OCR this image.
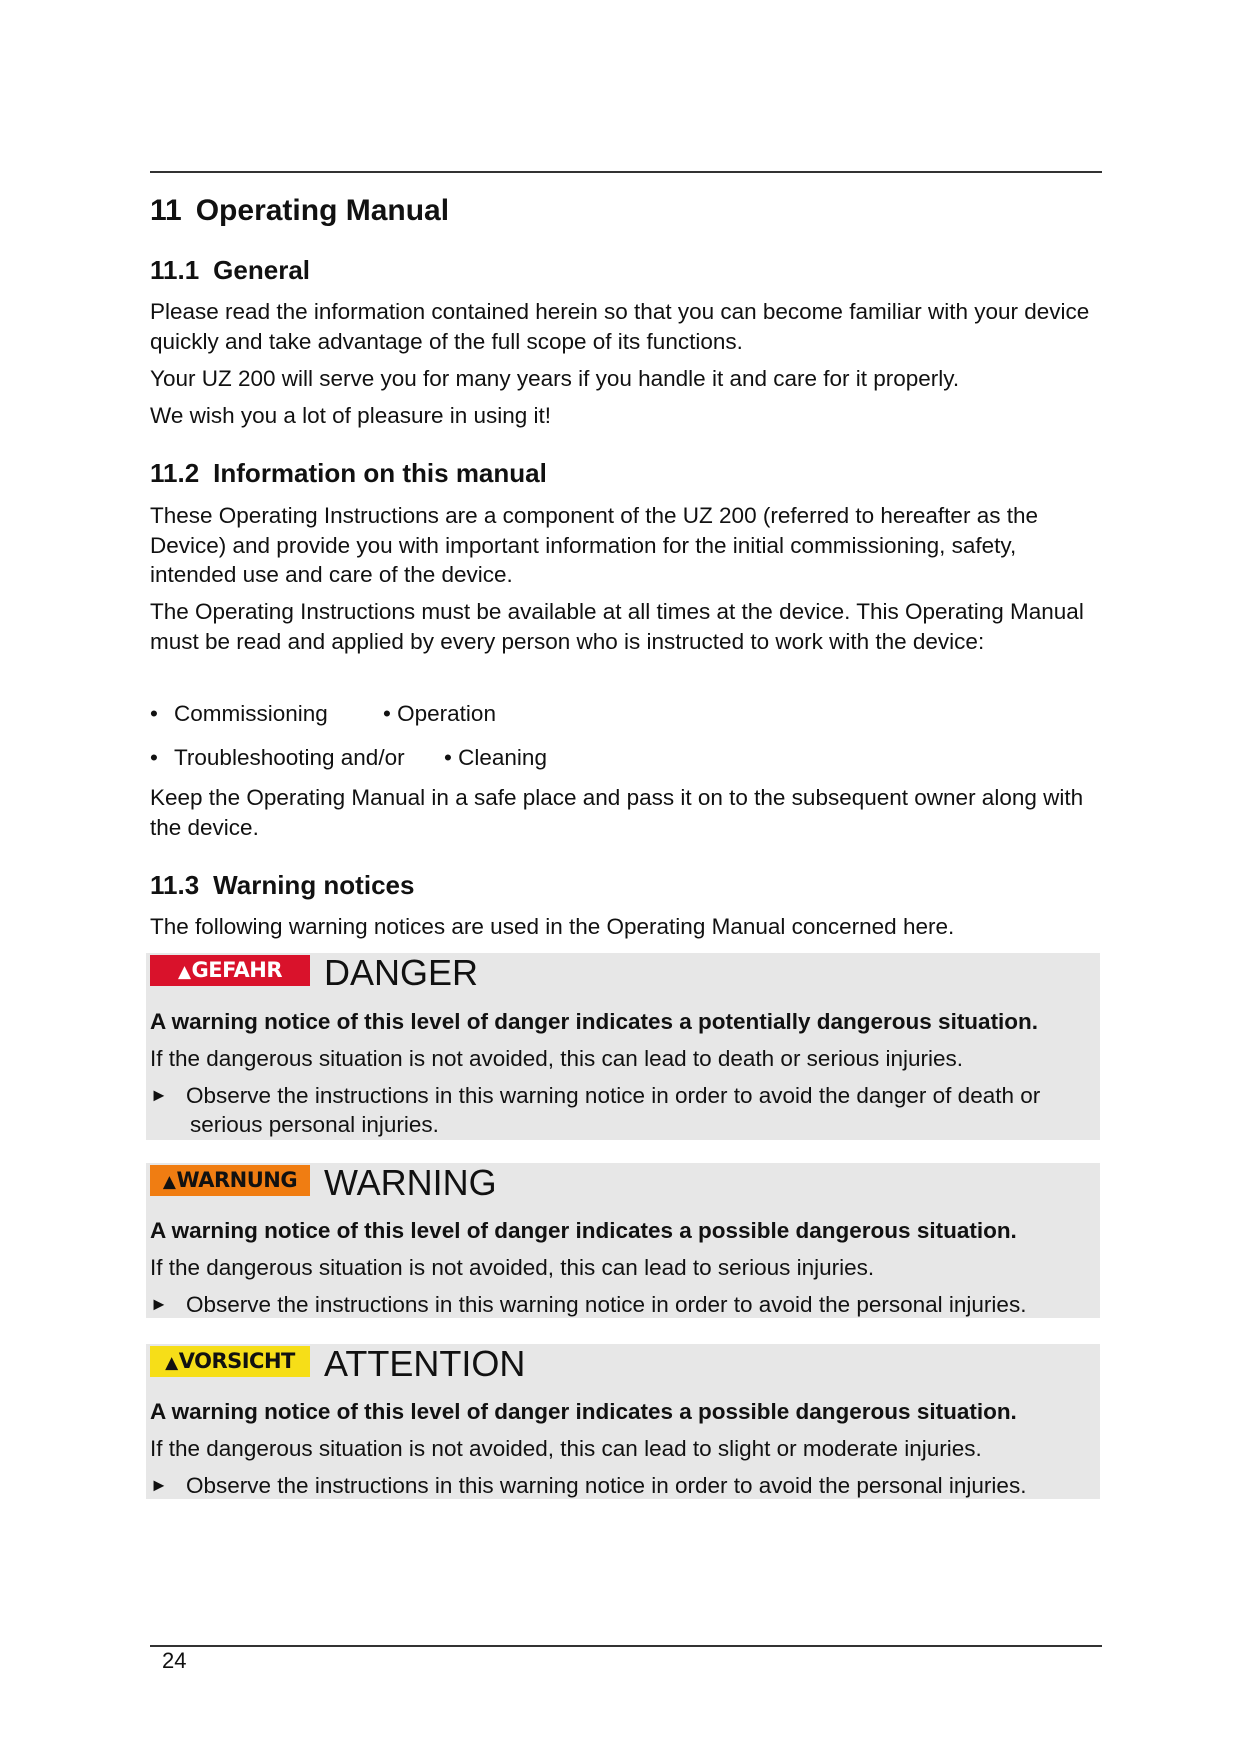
11 Operating Manual
11.1 General
Please read the information contained herein so that you can become familiar with your device quickly and take advantage of the full scope of its functions.
Your UZ 200 will serve you for many years if you handle it and care for it properly.
We wish you a lot of pleasure in using it!
11.2 Information on this manual
These Operating Instructions are a component of the UZ 200 (referred to hereafter as the Device) and provide you with important information for the initial commissioning, safety, intended use and care of the device.
The Operating Instructions must be available at all times at the device. This Operating Manual must be read and applied by every person who is instructed to work with the device:
• Commissioning • Operation
• Troubleshooting and/or • Cleaning
Keep the Operating Manual in a safe place and pass it on to the subsequent owner along with the device.
11.3 Warning notices
The following warning notices are used in the Operating Manual concerned here.
▲GEFAHR	DANGER
A warning notice of this level of danger indicates a potentially dangerous situation.
If the dangerous situation is not avoided, this can lead to death or serious injuries.
► Observe the instructions in this warning notice in order to avoid the danger of death or
serious personal injuries.
▲WARNUNG WARNING
A warning notice of this level of danger indicates a possible dangerous situation.
If the dangerous situation is not avoided, this can lead to serious injuries.
► Observe the instructions in this warning notice in order to avoid the personal injuries.
▲VORSICHT ATTENTION
A warning notice of this level of danger indicates a possible dangerous situation.
If the dangerous situation is not avoided, this can lead to slight or moderate injuries.
► Observe the instructions in this warning notice in order to avoid the personal injuries.
24
